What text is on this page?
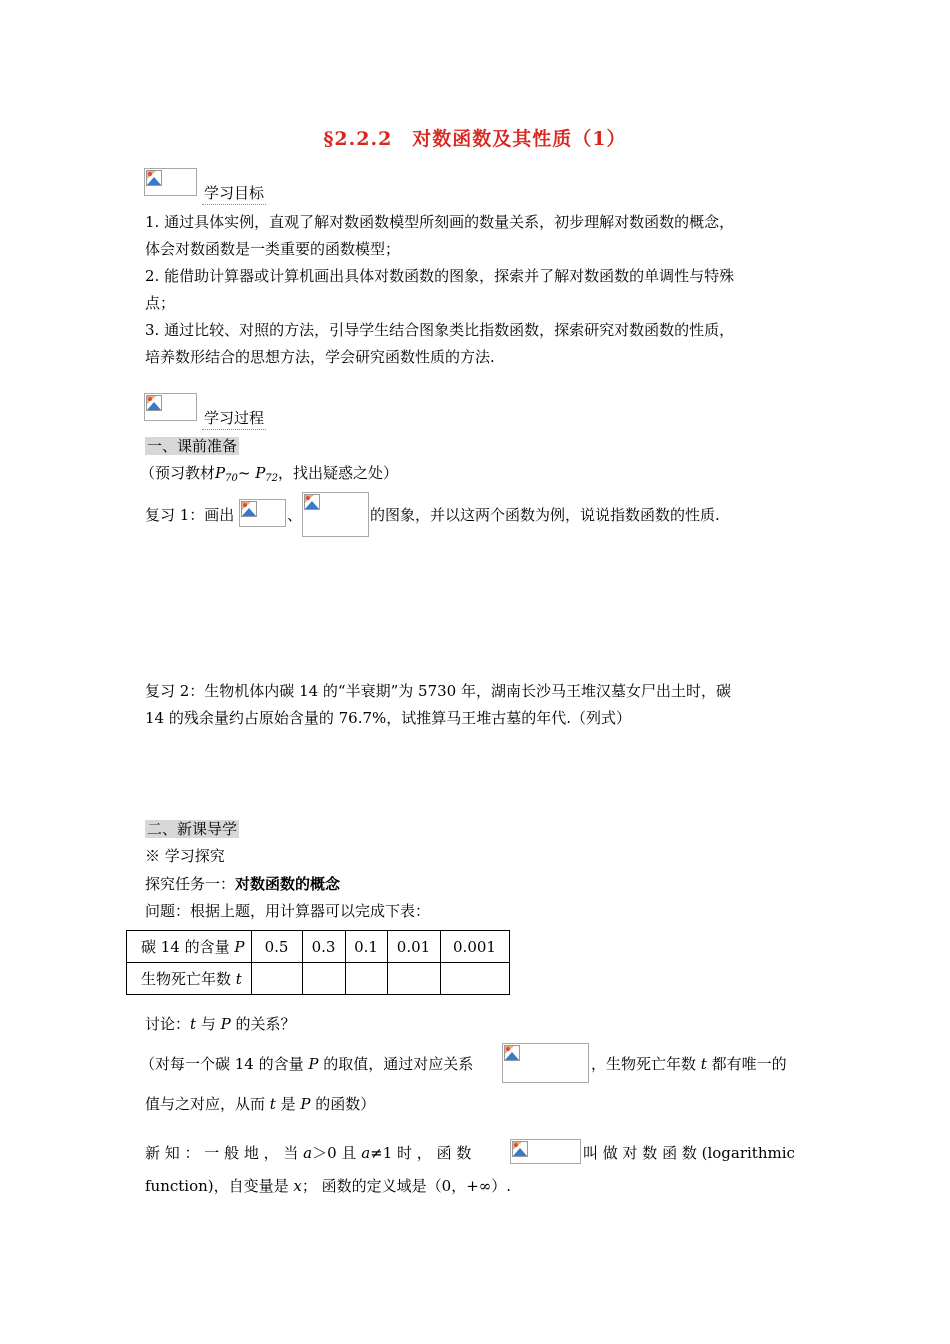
§2.2.2　对数函数及其性质（1）
学习目标
1. 通过具体实例，直观了解对数函数模型所刻画的数量关系，初步理解对数函数的概念，
体会对数函数是一类重要的函数模型；
2. 能借助计算器或计算机画出具体对数函数的图象，探索并了解对数函数的单调性与特殊
点；
3. 通过比较、对照的方法，引导学生结合图象类比指数函数，探索研究对数函数的性质，
培养数形结合的思想方法，学会研究函数性质的方法.
学习过程
一、课前准备
（预习教材$P_{70}\sim$ $P_{72}$，找出疑惑之处）
复习 1：画出	、	的图象，并以这两个函数为例，说说指数函数的性质.
复习 2：生物机体内碳 14 的“半衰期”为 5730 年，湖南长沙马王堆汉墓女尸出土时，碳
14 的残余量约占原始含量的 76.7%，试推算马王堆古墓的年代.（列式）
二、新课导学
※ 学习探究
探究任务一：对数函数的概念
问题：根据上题，用计算器可以完成下表：
碳 14 的含量 P	0.5	0.3	0.1	0.01	0.001
生物死亡年数 t					
讨论：t 与 P 的关系？
（对每一个碳 14 的含量 P 的取值，通过对应关系	，生物死亡年数 t 都有唯一的
值与之对应，从而 t 是 P 的函数）
新 知 ： 一 般 地 ， 当 a＞0 且 a≠1 时 ， 函 数	叫 做 对 数 函 数 (logarithmic
function)，自变量是 x； 函数的定义域是（0，+∞）.
